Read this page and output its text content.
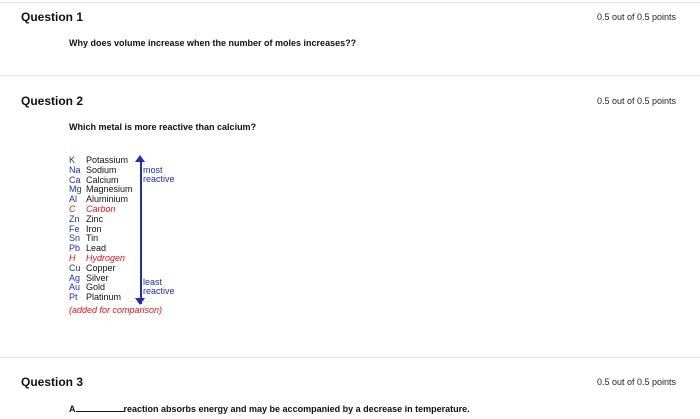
Question 1	0.5 out of 0.5 points
Why does volume increase when the number of moles increases??
Question 2	0.5 out of 0.5 points
Which metal is more reactive than calcium?
K Potassium
Na Sodium
Ca Calcium
Mg Magnesium
Al Aluminium
C Carbon
Zn Zinc
Fe Iron
Sn Tin
Pb Lead
H Hydrogen
Cu Copper
Ag Silver
Au Gold
Pt Platinum
most
reactive
least
reactive
(added for comparison)
Question 3	0.5 out of 0.5 points
A	reaction absorbs energy and may be accompanied by a decrease in temperature.
